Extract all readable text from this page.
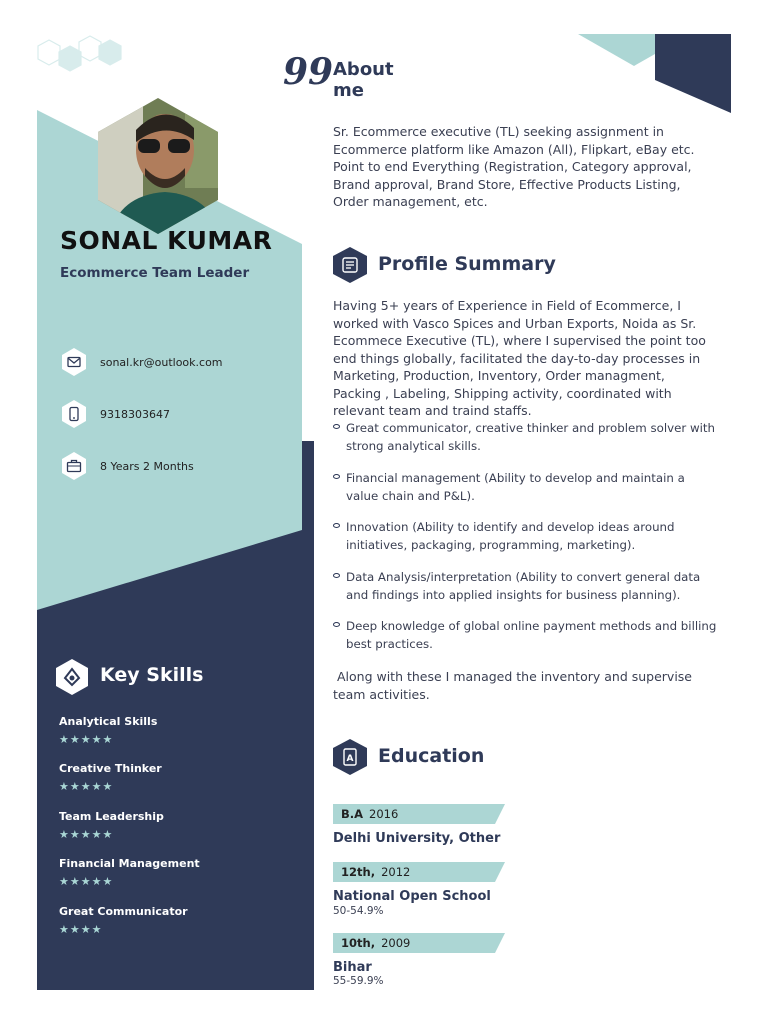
99 About me
Sr. Ecommerce executive (TL) seeking assignment in Ecommerce platform like Amazon (All), Flipkart, eBay etc. Point to end Everything (Registration, Category approval, Brand approval, Brand Store, Effective Products Listing, Order management, etc.
SONAL KUMAR
Ecommerce Team Leader
sonal.kr@outlook.com
9318303647
8 Years 2 Months
Key Skills
Analytical Skills
★★★★★
Creative Thinker
★★★★★
Team Leadership
★★★★★
Financial Management
★★★★★
Great Communicator
★★★★
Profile Summary
Having 5+ years of Experience in Field of Ecommerce, I worked with Vasco Spices and Urban Exports, Noida as Sr. Ecommece Executive (TL), where I supervised the point too end things globally, facilitated the day-to-day processes in Marketing, Production, Inventory, Order managment, Packing , Labeling, Shipping activity, coordinated with relevant team and traind staffs.
Great communicator, creative thinker and problem solver with strong analytical skills.
Financial management (Ability to develop and maintain a value chain and P&L).
Innovation (Ability to identify and develop ideas around initiatives, packaging, programming, marketing).
Data Analysis/interpretation (Ability to convert general data and findings into applied insights for business planning).
Deep knowledge of global online payment methods and billing best practices.
Along with these I managed the inventory and supervise team activities.
A Education
B.A 2016
Delhi University, Other
12th, 2012
National Open School
50-54.9%
10th, 2009
Bihar
55-59.9%
